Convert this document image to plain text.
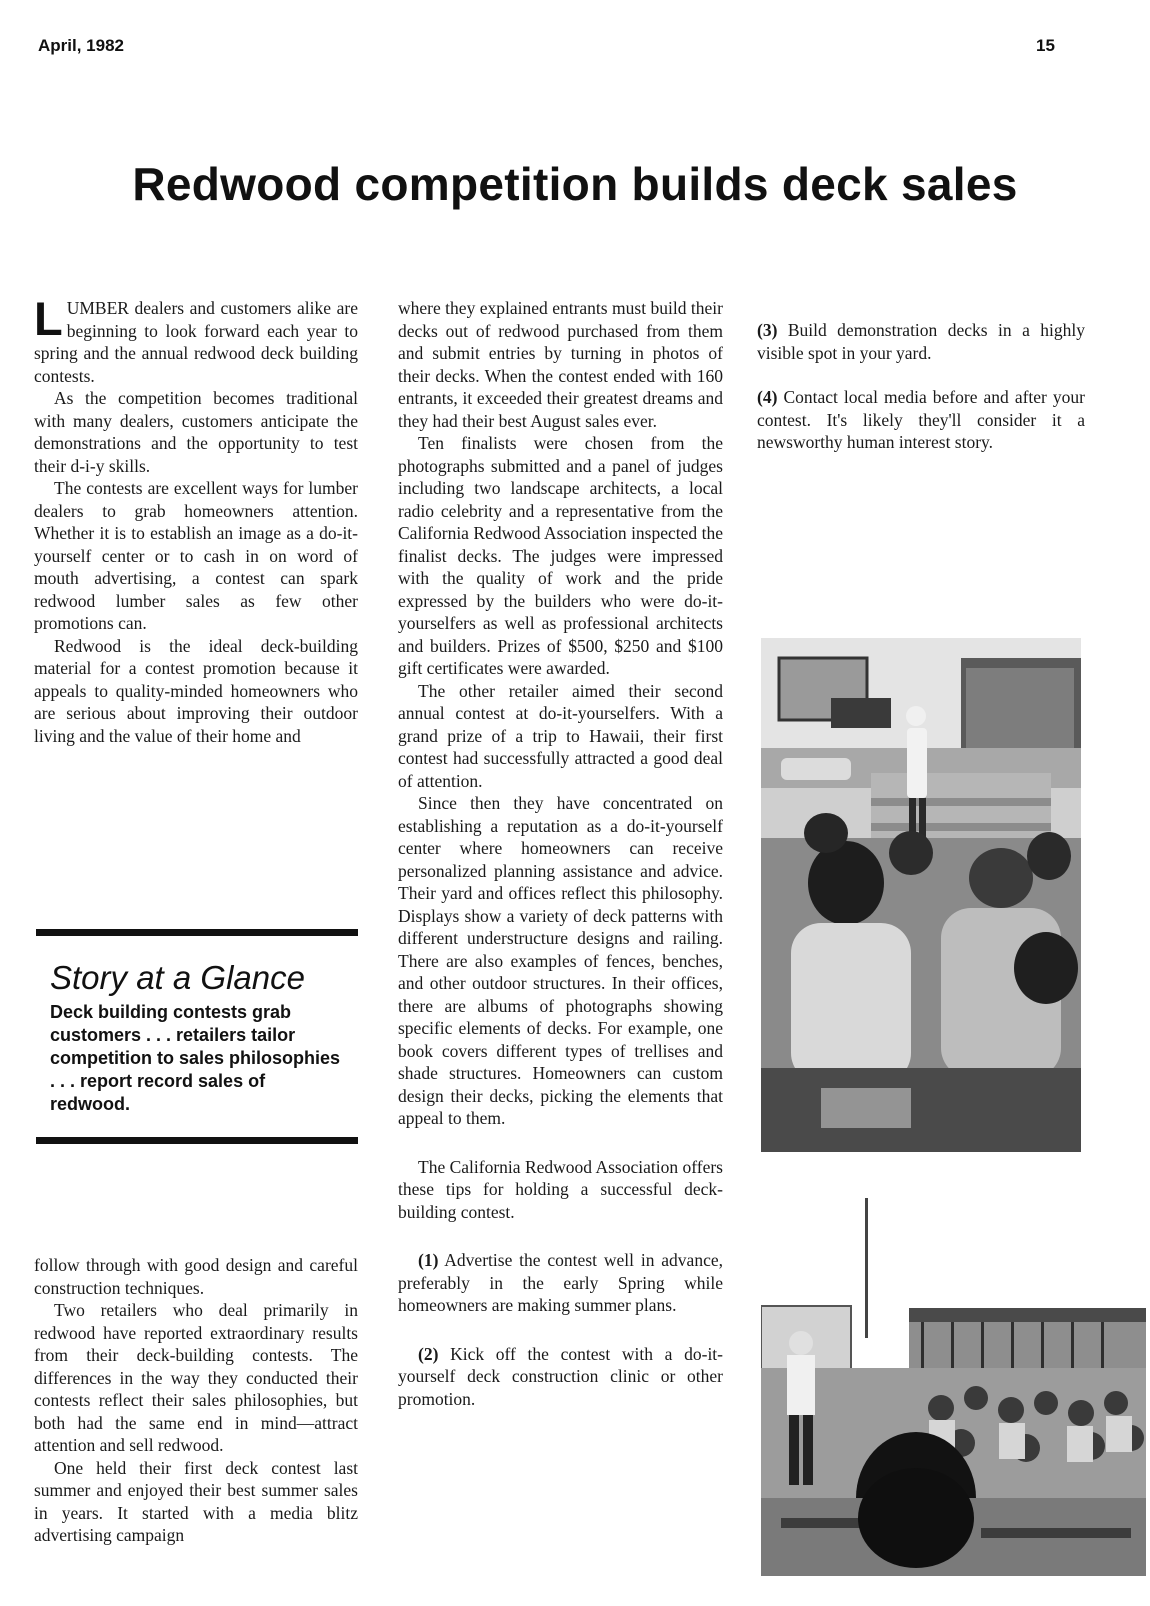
April, 1982	15
Redwood competition builds deck sales

LUMBER dealers and customers alike are beginning to look forward each year to spring and the annual redwood deck building contests.

As the competition becomes traditional with many dealers, customers anticipate the demonstrations and the opportunity to test their d-i-y skills.

The contests are excellent ways for lumber dealers to grab homeowners attention. Whether it is to establish an image as a do-it-yourself center or to cash in on word of mouth advertising, a contest can spark redwood lumber sales as few other promotions can.

Redwood is the ideal deck-building material for a contest promotion because it appeals to quality-minded homeowners who are serious about improving their outdoor living and the value of their home and

Story at a Glance
Deck building contests grab customers . . . retailers tailor competition to sales philosophies . . . report record sales of redwood.

follow through with good design and careful construction techniques.

Two retailers who deal primarily in redwood have reported extraordinary results from their deck-building contests. The differences in the way they conducted their contests reflect their sales philosophies, but both had the same end in mind—attract attention and sell redwood.

One held their first deck contest last summer and enjoyed their best summer sales in years. It started with a media blitz advertising campaign

where they explained entrants must build their decks out of redwood purchased from them and submit entries by turning in photos of their decks. When the contest ended with 160 entrants, it exceeded their greatest dreams and they had their best August sales ever.

Ten finalists were chosen from the photographs submitted and a panel of judges including two landscape architects, a local radio celebrity and a representative from the California Redwood Association inspected the finalist decks. The judges were impressed with the quality of work and the pride expressed by the builders who were do-it-yourselfers as well as professional architects and builders. Prizes of $500, $250 and $100 gift certificates were awarded.

The other retailer aimed their second annual contest at do-it-yourselfers. With a grand prize of a trip to Hawaii, their first contest had successfully attracted a good deal of attention.

Since then they have concentrated on establishing a reputation as a do-it-yourself center where homeowners can receive personalized planning assistance and advice. Their yard and offices reflect this philosophy. Displays show a variety of deck patterns with different understructure designs and railing. There are also examples of fences, benches, and other outdoor structures. In their offices, there are albums of photographs showing specific elements of decks. For example, one book covers different types of trellises and shade structures. Homeowners can custom design their decks, picking the elements that appeal to them.

The California Redwood Association offers these tips for holding a successful deck-building contest.

(1) Advertise the contest well in advance, preferably in the early Spring while homeowners are making summer plans.

(2) Kick off the contest with a do-it-yourself deck construction clinic or other promotion.

(3) Build demonstration decks in a highly visible spot in your yard.

(4) Contact local media before and after your contest. It's likely they'll consider it a newsworthy human interest story.
